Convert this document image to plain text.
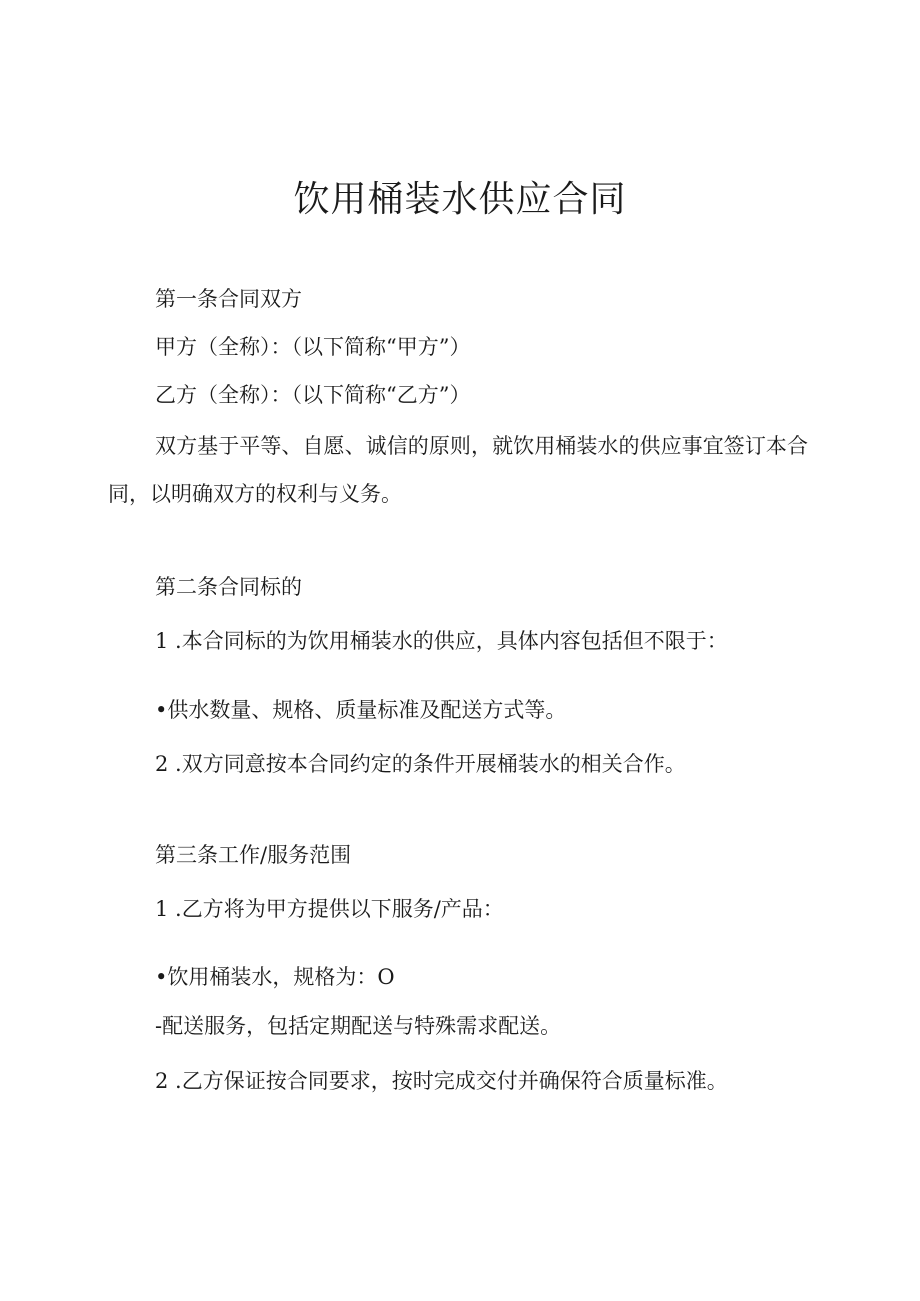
饮用桶装水供应合同

第一条合同双方

甲方（全称）：（以下简称“甲方”）

乙方（全称）：（以下简称“乙方”）

双方基于平等、自愿、诚信的原则，就饮用桶装水的供应事宜签订本合同，以明确双方的权利与义务。

第二条合同标的

1 .本合同标的为饮用桶装水的供应，具体内容包括但不限于：

•供水数量、规格、质量标准及配送方式等。

2 .双方同意按本合同约定的条件开展桶装水的相关合作。

第三条工作/服务范围

1 .乙方将为甲方提供以下服务/产品：

•饮用桶装水，规格为：O

-配送服务，包括定期配送与特殊需求配送。

2 .乙方保证按合同要求，按时完成交付并确保符合质量标准。
